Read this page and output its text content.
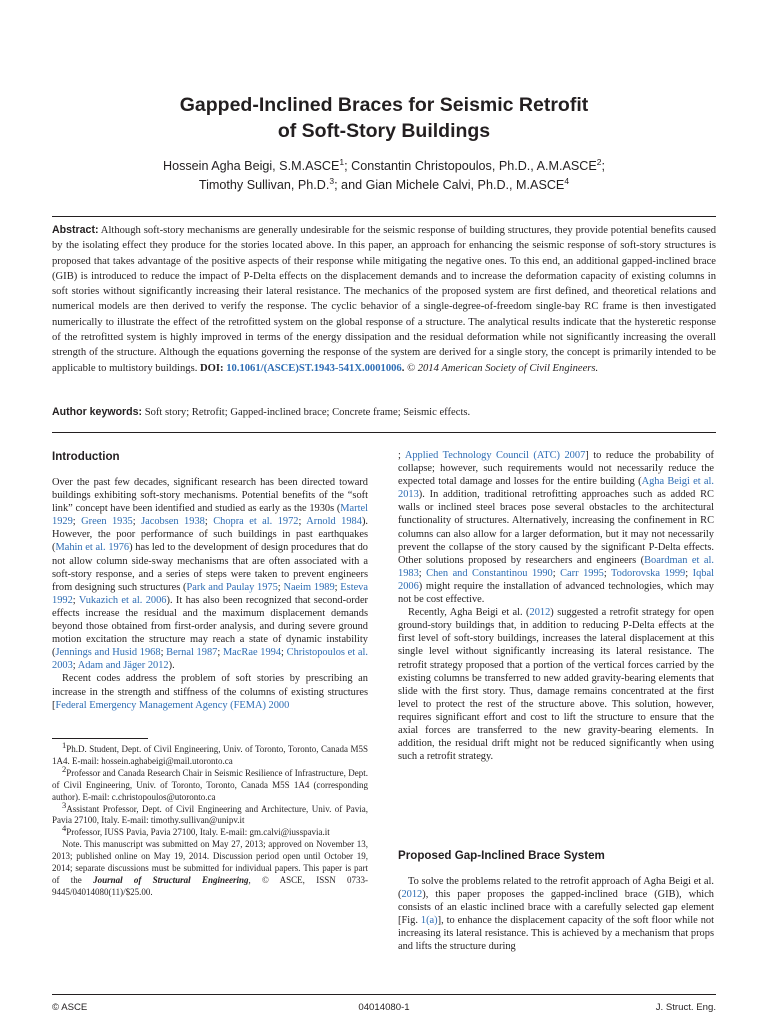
Gapped-Inclined Braces for Seismic Retrofit
of Soft-Story Buildings
Hossein Agha Beigi, S.M.ASCE$^1$; Constantin Christopoulos, Ph.D., A.M.ASCE$^2$;
Timothy Sullivan, Ph.D.$^3$; and Gian Michele Calvi, Ph.D., M.ASCE$^4$

Abstract: Although soft-story mechanisms are generally undesirable for the seismic response of building structures, they provide potential benefits caused by the isolating effect they produce for the stories located above. In this paper, an approach for enhancing the seismic response of soft-story structures is proposed that takes advantage of the positive aspects of their response while mitigating the negative ones. To this end, an additional gapped-inclined brace (GIB) is introduced to reduce the impact of P-Delta effects on the displacement demands and to increase the deformation capacity of existing columns in soft stories without significantly increasing their lateral resistance. The mechanics of the proposed system are first defined, and theoretical relations and numerical models are then derived to verify the response. The cyclic behavior of a single-degree-of-freedom single-bay RC frame is then investigated numerically to illustrate the effect of the retrofitted system on the global response of a structure. The analytical results indicate that the hysteretic response of the retrofitted system is highly improved in terms of the energy dissipation and the residual deformation while not significantly increasing the overall strength of the structure. Although the equations governing the response of the system are derived for a single story, the concept is primarily intended to be applicable to multistory buildings. DOI: 10.1061/(ASCE)ST.1943-541X.0001006. © 2014 American Society of Civil Engineers.

Author keywords: Soft story; Retrofit; Gapped-inclined brace; Concrete frame; Seismic effects.

Introduction

Over the past few decades, significant research has been directed toward buildings exhibiting soft-story mechanisms. Potential benefits of the “soft link” concept have been identified and studied as early as the 1930s (Martel 1929; Green 1935; Jacobsen 1938; Chopra et al. 1972; Arnold 1984). However, the poor performance of such buildings in past earthquakes (Mahin et al. 1976) has led to the development of design procedures that do not allow column side-sway mechanisms that are often associated with a soft-story response, and a series of steps were taken to prevent engineers from designing such structures (Park and Paulay 1975; Naeim 1989; Esteva 1992; Vukazich et al. 2006). It has also been recognized that second-order effects increase the residual and the maximum displacement demands beyond those obtained from first-order analysis, and during severe ground motion excitation the structure may reach a state of dynamic instability (Jennings and Husid 1968; Bernal 1987; MacRae 1994; Christopoulos et al. 2003; Adam and Jäger 2012).

Recent codes address the problem of soft stories by prescribing an increase in the strength and stiffness of the columns of existing structures [Federal Emergency Management Agency (FEMA) 2000

$^1$Ph.D. Student, Dept. of Civil Engineering, Univ. of Toronto, Toronto, Canada M5S 1A4. E-mail: hossein.aghabeigi@mail.utoronto.ca

$^2$Professor and Canada Research Chair in Seismic Resilience of Infrastructure, Dept. of Civil Engineering, Univ. of Toronto, Toronto, Canada M5S 1A4 (corresponding author). E-mail: c.christopoulos@utoronto.ca

$^3$Assistant Professor, Dept. of Civil Engineering and Architecture, Univ. of Pavia, Pavia 27100, Italy. E-mail: timothy.sullivan@unipv.it

$^4$Professor, IUSS Pavia, Pavia 27100, Italy. E-mail: gm.calvi@iusspavia.it

Note. This manuscript was submitted on May 27, 2013; approved on November 13, 2013; published online on May 19, 2014. Discussion period open until October 19, 2014; separate discussions must be submitted for individual papers. This paper is part of the Journal of Structural Engineering, © ASCE, ISSN 0733-9445/04014080(11)/$25.00.

; Applied Technology Council (ATC) 2007] to reduce the probability of collapse; however, such requirements would not necessarily reduce the expected total damage and losses for the entire building (Agha Beigi et al. 2013). In addition, traditional retrofitting approaches such as added RC walls or inclined steel braces pose several obstacles to the architectural functionality of structures. Alternatively, increasing the confinement in RC columns can also allow for a larger deformation, but it may not necessarily prevent the collapse of the story caused by the significant P-Delta effects. Other solutions proposed by researchers and engineers (Boardman et al. 1983; Chen and Constantinou 1990; Carr 1995; Todorovska 1999; Iqbal 2006) might require the installation of advanced technologies, which may not be cost effective.

Recently, Agha Beigi et al. (2012) suggested a retrofit strategy for open ground-story buildings that, in addition to reducing P-Delta effects at the first level of soft-story buildings, increases the lateral displacement at this single level without significantly increasing its lateral resistance. The retrofit strategy proposed that a portion of the vertical forces carried by the existing columns be transferred to new added gravity-bearing elements that slide with the first story. Thus, damage remains concentrated at the first level to protect the rest of the structure above. This solution, however, requires significant effort and cost to lift the structure to ensure that the axial forces are transferred to the new gravity-bearing elements. In addition, the residual drift might not be reduced significantly when using such a retrofit strategy.

Proposed Gap-Inclined Brace System

To solve the problems related to the retrofit approach of Agha Beigi et al. (2012), this paper proposes the gapped-inclined brace (GIB), which consists of an elastic inclined brace with a carefully selected gap element [Fig. 1(a)], to enhance the displacement capacity of the soft floor while not increasing its lateral resistance. This is achieved by a mechanism that props and lifts the structure during

© ASCE	04014080-1	J. Struct. Eng.
